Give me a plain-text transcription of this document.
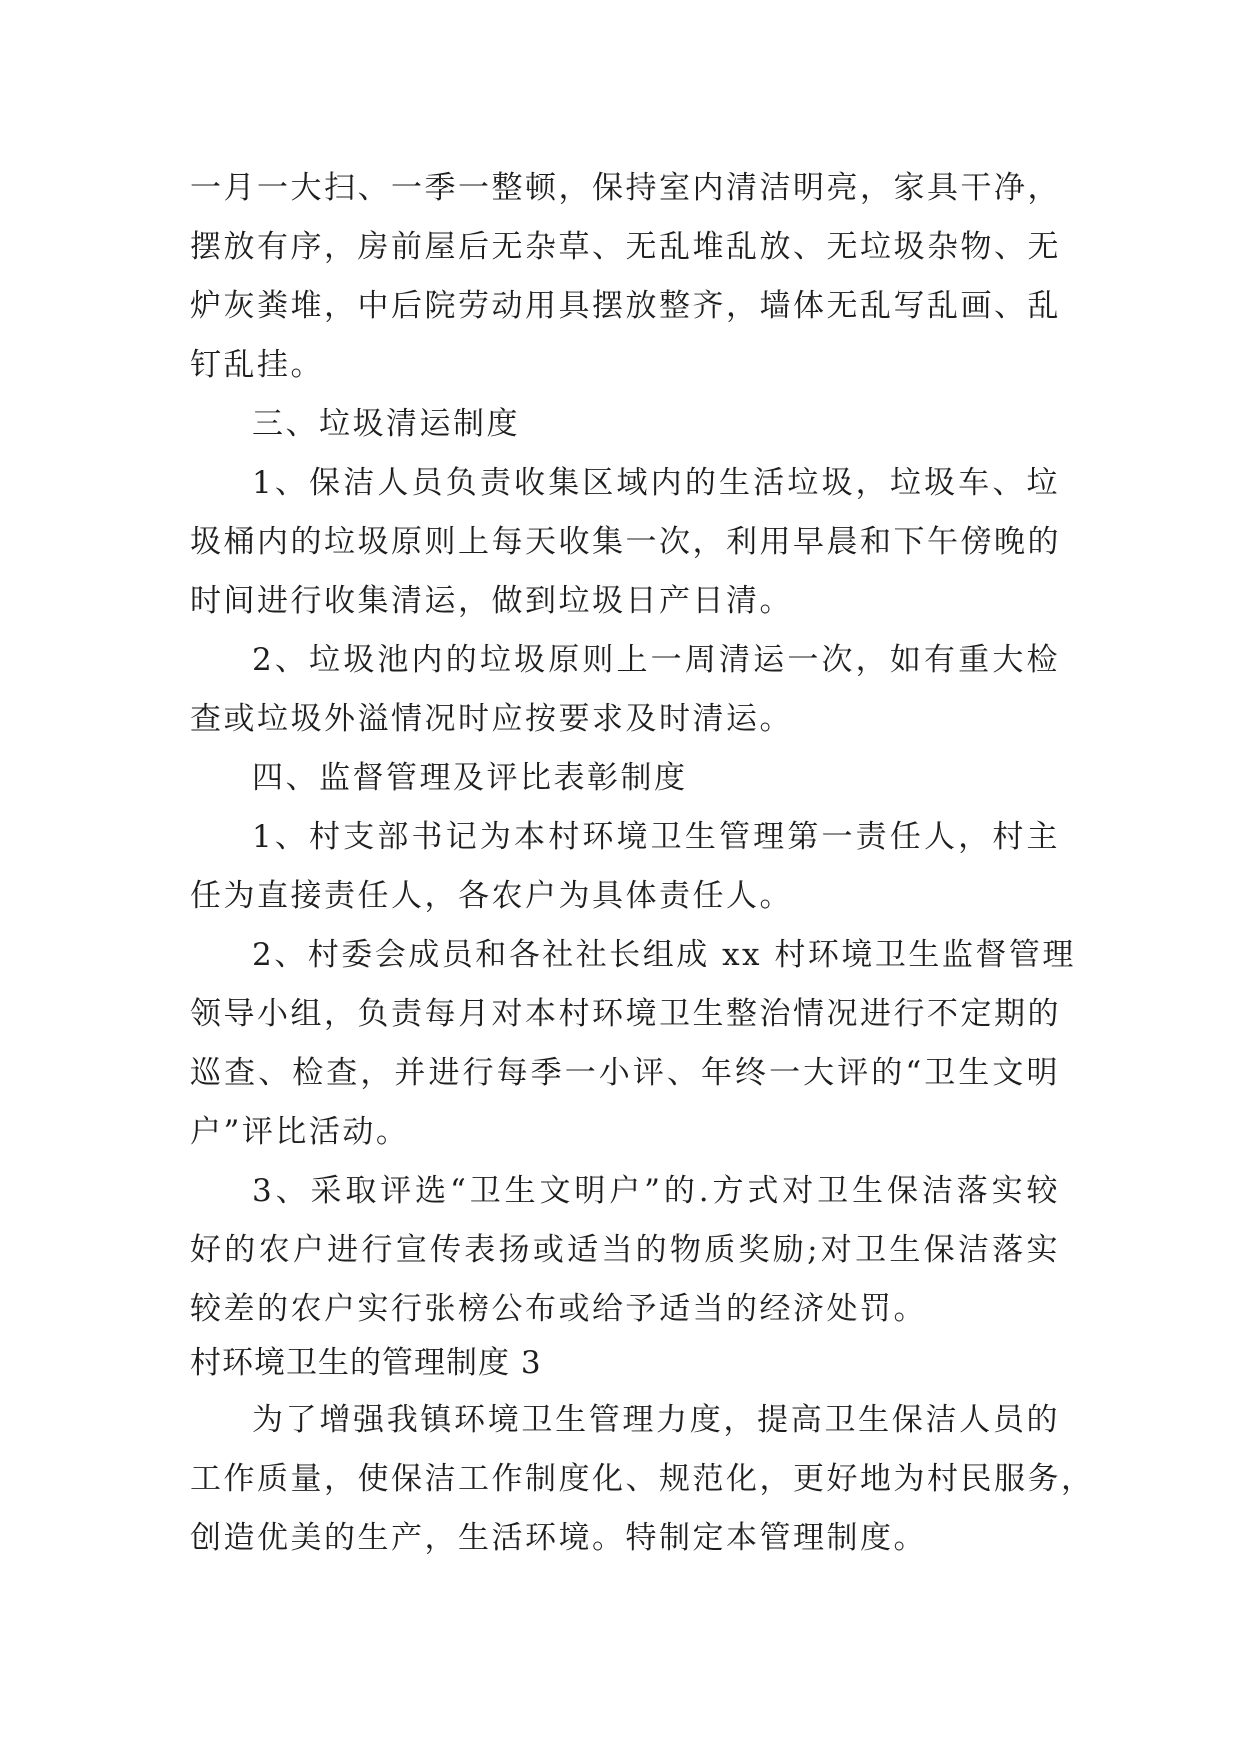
一月一大扫、一季一整顿，保持室内清洁明亮，家具干净，
摆放有序，房前屋后无杂草、无乱堆乱放、无垃圾杂物、无
炉灰粪堆，中后院劳动用具摆放整齐，墙体无乱写乱画、乱
钉乱挂。
三、垃圾清运制度
1、保洁人员负责收集区域内的生活垃圾，垃圾车、垃
圾桶内的垃圾原则上每天收集一次，利用早晨和下午傍晚的
时间进行收集清运，做到垃圾日产日清。
2、垃圾池内的垃圾原则上一周清运一次，如有重大检
查或垃圾外溢情况时应按要求及时清运。
四、监督管理及评比表彰制度
1、村支部书记为本村环境卫生管理第一责任人，村主
任为直接责任人，各农户为具体责任人。
2、村委会成员和各社社长组成 xx 村环境卫生监督管理
领导小组，负责每月对本村环境卫生整治情况进行不定期的
巡查、检查，并进行每季一小评、年终一大评的“卫生文明
户”评比活动。
3、采取评选“卫生文明户”的.方式对卫生保洁落实较
好的农户进行宣传表扬或适当的物质奖励;对卫生保洁落实
较差的农户实行张榜公布或给予适当的经济处罚。
村环境卫生的管理制度 3
为了增强我镇环境卫生管理力度，提高卫生保洁人员的
工作质量，使保洁工作制度化、规范化，更好地为村民服务，
创造优美的生产，生活环境。特制定本管理制度。
